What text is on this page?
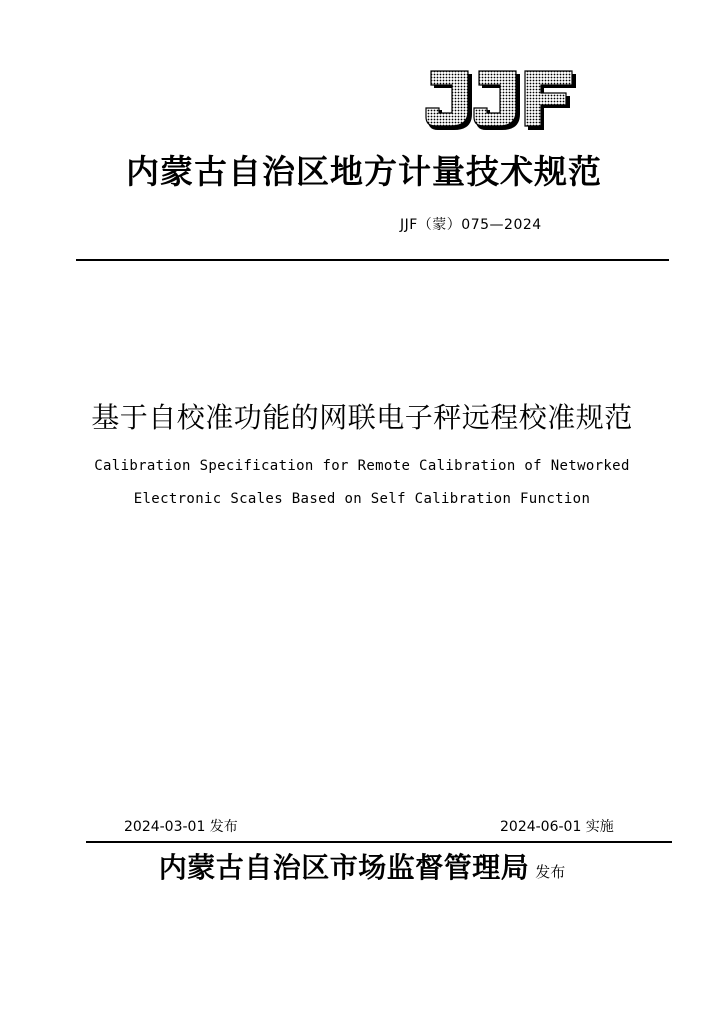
内蒙古自治区地方计量技术规范
JJF（蒙）075—2024
基于自校准功能的网联电子秤远程校准规范
Calibration Specification for Remote Calibration of Networked
Electronic Scales Based on Self Calibration Function
2024-03-01 发布	2024-06-01 实施
内蒙古自治区市场监督管理局 发布
